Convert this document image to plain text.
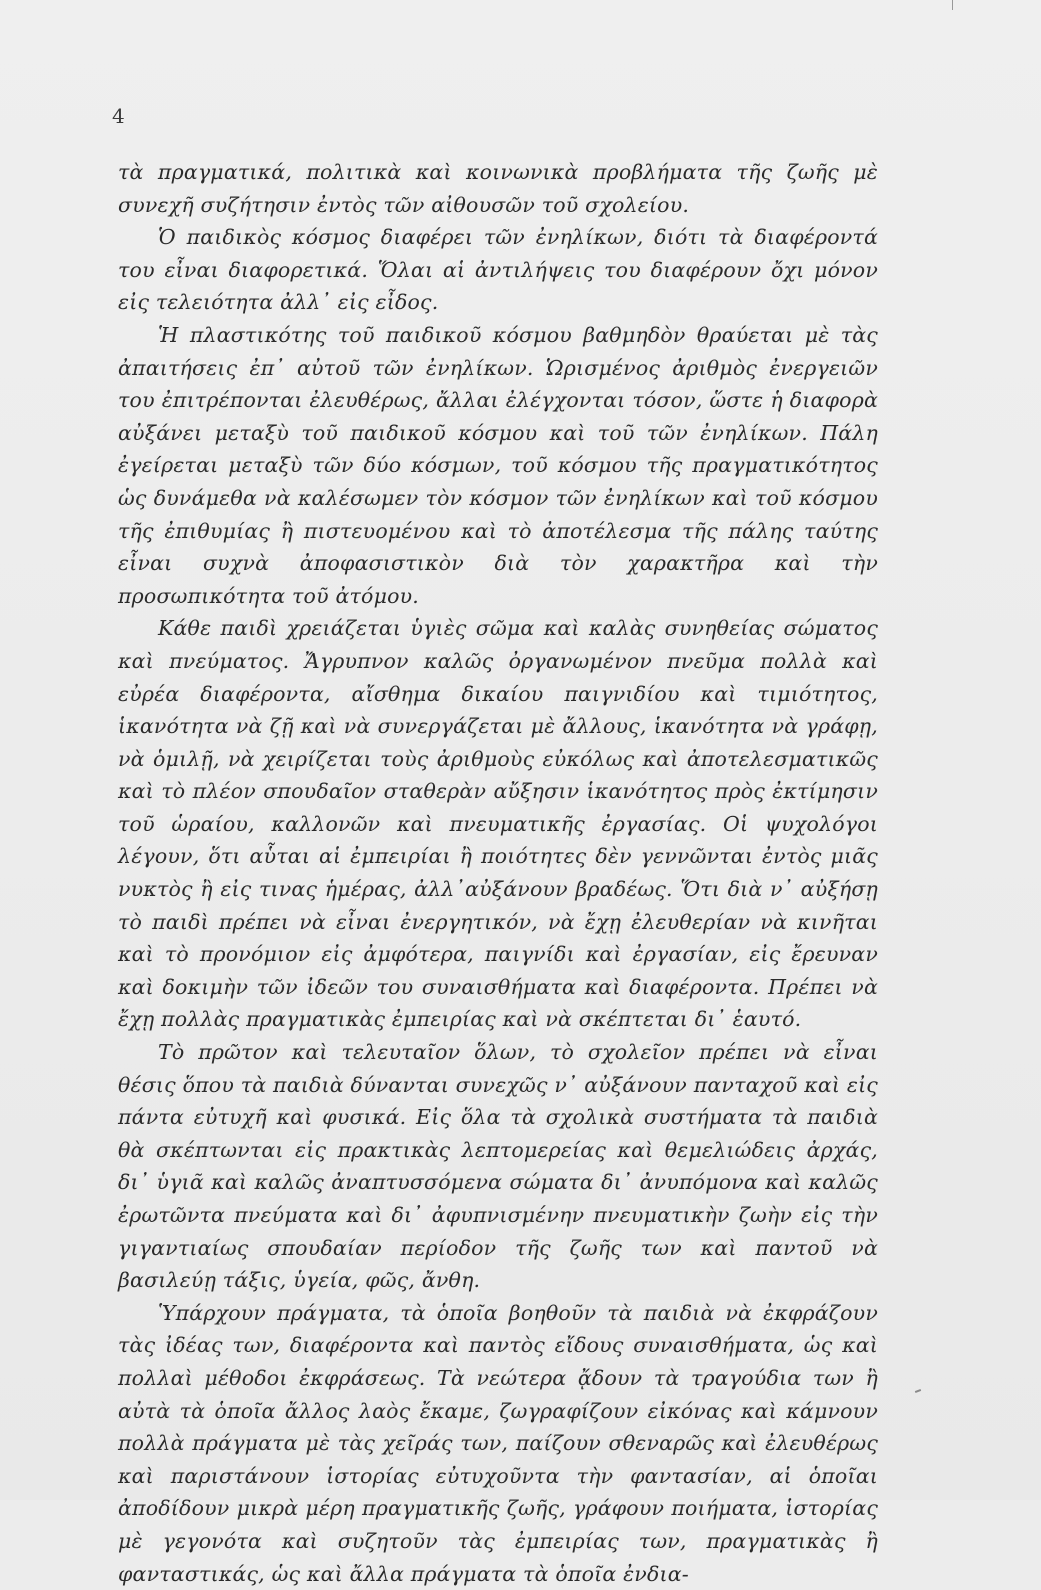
4

τὰ πραγματικά, πολιτικὰ καὶ κοινωνικὰ προβλήματα τῆς ζωῆς μὲ συνεχῆ συζήτησιν ἐντὸς τῶν αἰθουσῶν τοῦ σχολείου.

Ὁ παιδικὸς κόσμος διαφέρει τῶν ἐνηλίκων, διότι τὰ διαφέροντά του εἶναι διαφορετικά. Ὅλαι αἱ ἀντιλήψεις του διαφέρουν ὄχι μόνον εἰς τελειότητα ἀλλ᾽ εἰς εἶδος.

Ἡ πλαστικότης τοῦ παιδικοῦ κόσμου βαθμηδὸν θραύεται μὲ τὰς ἀπαιτήσεις ἐπ᾽ αὐτοῦ τῶν ἐνηλίκων. Ὡρισμένος ἀριθμὸς ἐνεργειῶν του ἐπιτρέπονται ἐλευθέρως, ἄλλαι ἐλέγχονται τόσον, ὥστε ἡ διαφορὰ αὐξάνει μεταξὺ τοῦ παιδικοῦ κόσμου καὶ τοῦ τῶν ἐνηλίκων. Πάλη ἐγείρεται μεταξὺ τῶν δύο κόσμων, τοῦ κόσμου τῆς πραγματικότητος ὡς δυνάμεθα νὰ καλέσωμεν τὸν κόσμον τῶν ἐνηλίκων καὶ τοῦ κόσμου τῆς ἐπιθυμίας ἢ πιστευομένου καὶ τὸ ἀποτέλεσμα τῆς πάλης ταύτης εἶναι συχνὰ ἀποφασιστικὸν διὰ τὸν χαρακτῆρα καὶ τὴν προσωπικότητα τοῦ ἀτόμου.

Κάθε παιδὶ χρειάζεται ὑγιὲς σῶμα καὶ καλὰς συνηθείας σώματος καὶ πνεύματος. Ἄγρυπνον καλῶς ὀργανωμένον πνεῦμα πολλὰ καὶ εὐρέα διαφέροντα, αἴσθημα δικαίου παιγνιδίου καὶ τιμιότητος, ἱκανότητα νὰ ζῇ καὶ νὰ συνεργάζεται μὲ ἄλλους, ἱκανότητα νὰ γράφῃ, νὰ ὁμιλῇ, νὰ χειρίζεται τοὺς ἀριθμοὺς εὐκόλως καὶ ἀποτελεσματικῶς καὶ τὸ πλέον σπουδαῖον σταθερὰν αὔξησιν ἱκανότητος πρὸς ἐκτίμησιν τοῦ ὡραίου, καλλονῶν καὶ πνευματικῆς ἐργασίας. Οἱ ψυχολόγοι λέγουν, ὅτι αὗται αἱ ἐμπειρίαι ἢ ποιότητες δὲν γεννῶνται ἐντὸς μιᾶς νυκτὸς ἢ εἰς τινας ἡμέρας, ἀλλ᾽αὐξάνουν βραδέως. Ὅτι διὰ ν᾽ αὐξήσῃ τὸ παιδὶ πρέπει νὰ εἶναι ἐνεργητικόν, νὰ ἔχῃ ἐλευθερίαν νὰ κινῆται καὶ τὸ προνόμιον εἰς ἀμφότερα, παιγνίδι καὶ ἐργασίαν, εἰς ἔρευναν καὶ δοκιμὴν τῶν ἰδεῶν του συναισθήματα καὶ διαφέροντα. Πρέπει νὰ ἔχῃ πολλὰς πραγματικὰς ἐμπειρίας καὶ νὰ σκέπτεται δι᾽ ἑαυτό.

Τὸ πρῶτον καὶ τελευταῖον ὅλων, τὸ σχολεῖον πρέπει νὰ εἶναι θέσις ὅπου τὰ παιδιὰ δύνανται συνεχῶς ν᾽ αὐξάνουν πανταχοῦ καὶ εἰς πάντα εὐτυχῆ καὶ φυσικά. Εἰς ὅλα τὰ σχολικὰ συστήματα τὰ παιδιὰ θὰ σκέπτωνται εἰς πρακτικὰς λεπτομερείας καὶ θεμελιώδεις ἀρχάς, δι᾽ ὑγιᾶ καὶ καλῶς ἀναπτυσσόμενα σώματα δι᾽ ἀνυπόμονα καὶ καλῶς ἐρωτῶντα πνεύματα καὶ δι᾽ ἀφυπνισμένην πνευματικὴν ζωὴν εἰς τὴν γιγαντιαίως σπουδαίαν περίοδον τῆς ζωῆς των καὶ παντοῦ νὰ βασιλεύῃ τάξις, ὑγεία, φῶς, ἄνθη.

Ὑπάρχουν πράγματα, τὰ ὁποῖα βοηθοῦν τὰ παιδιὰ νὰ ἐκφράζουν τὰς ἰδέας των, διαφέροντα καὶ παντὸς εἴδους συναισθήματα, ὡς καὶ πολλαὶ μέθοδοι ἐκφράσεως. Τὰ νεώτερα ᾄδουν τὰ τραγούδια των ἢ αὐτὰ τὰ ὁποῖα ἄλλος λαὸς ἔκαμε, ζωγραφίζουν εἰκόνας καὶ κάμνουν πολλὰ πράγματα μὲ τὰς χεῖράς των, παίζουν σθεναρῶς καὶ ἐλευθέρως καὶ παριστάνουν ἱστορίας εὐτυχοῦντα τὴν φαντασίαν, αἱ ὁποῖαι ἀποδίδουν μικρὰ μέρη πραγματικῆς ζωῆς, γράφουν ποιήματα, ἱστορίας μὲ γεγονότα καὶ συζητοῦν τὰς ἐμπειρίας των, πραγματικὰς ἢ φανταστικάς, ὡς καὶ ἄλλα πράγματα τὰ ὁποῖα ἐνδια-
